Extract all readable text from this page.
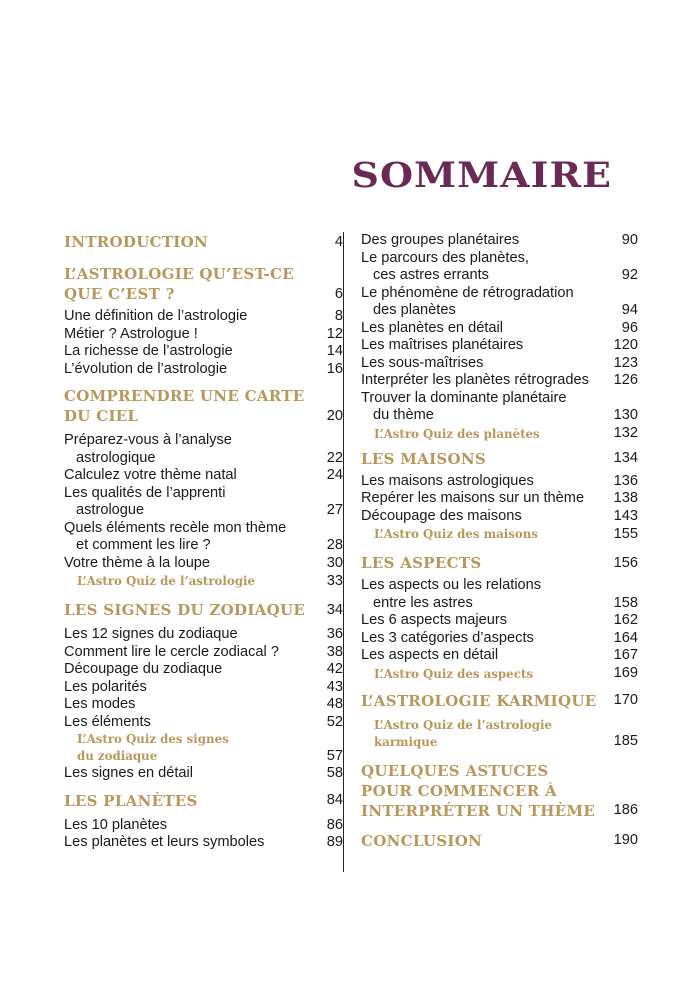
SOMMAIRE
INTRODUCTION	4
L’ASTROLOGIE QU’EST-CE
QUE C’EST ?	6
Une définition de l’astrologie	8
Métier ? Astrologue !	12
La richesse de l’astrologie	14
L’évolution de l’astrologie	16
COMPRENDRE UNE CARTE
DU CIEL	20
Préparez-vous à l’analyse
astrologique	22
Calculez votre thème natal	24
Les qualités de l’apprenti
astrologue	27
Quels éléments recèle mon thème
et comment les lire ?	28
Votre thème à la loupe	30
L’Astro Quiz de l’astrologie	33
LES SIGNES DU ZODIAQUE	34
Les 12 signes du zodiaque	36
Comment lire le cercle zodiacal ?	38
Découpage du zodiaque	42
Les polarités	43
Les modes	48
Les éléments	52
L’Astro Quiz des signes
du zodiaque	57
Les signes en détail	58
LES PLANÈTES	84
Les 10 planètes	86
Les planètes et leurs symboles	89
Des groupes planétaires	90
Le parcours des planètes,
ces astres errants	92
Le phénomène de rétrogradation
des planètes	94
Les planètes en détail	96
Les maîtrises planétaires	120
Les sous-maîtrises	123
Interpréter les planètes rétrogrades	126
Trouver la dominante planétaire
du thème	130
L’Astro Quiz des planètes	132
LES MAISONS	134
Les maisons astrologiques	136
Repérer les maisons sur un thème	138
Découpage des maisons	143
L’Astro Quiz des maisons	155
LES ASPECTS	156
Les aspects ou les relations
entre les astres	158
Les 6 aspects majeurs	162
Les 3 catégories d’aspects	164
Les aspects en détail	167
L’Astro Quiz des aspects	169
L’ASTROLOGIE KARMIQUE	170
L’Astro Quiz de l’astrologie
karmique	185
QUELQUES ASTUCES
POUR COMMENCER À
INTERPRÉTER UN THÈME	186
CONCLUSION	190
